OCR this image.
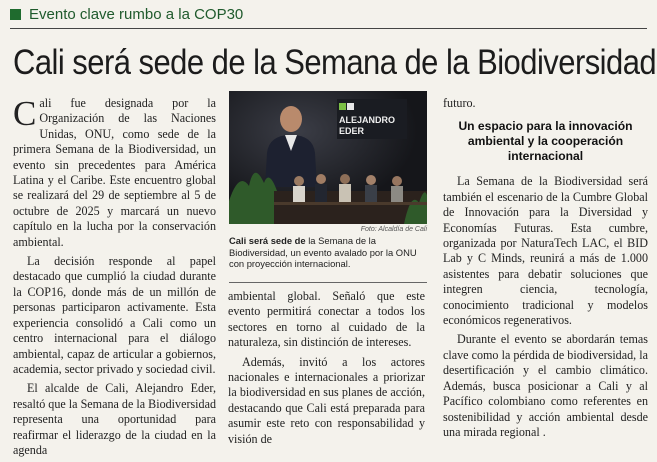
Evento clave rumbo a la COP30
Cali será sede de la Semana de la Biodiversidad

Cali fue designada por la Organización de las Naciones Unidas, ONU, como sede de la primera Semana de la Biodiversidad, un evento sin precedentes para América Latina y el Caribe. Este encuentro global se realizará del 29 de septiembre al 5 de octubre de 2025 y marcará un nuevo capítulo en la lucha por la conservación ambiental.

La decisión responde al papel destacado que cumplió la ciudad durante la COP16, donde más de un millón de personas participaron activamente. Esta experiencia consolidó a Cali como un centro internacional para el diálogo ambiental, capaz de articular a gobiernos, academia, sector privado y sociedad civil.

El alcalde de Cali, Alejandro Eder, resaltó que la Semana de la Biodiversidad representa una oportunidad para reafirmar el liderazgo de la ciudad en la agenda

ALEJANDRO
EDER
Foto: Alcaldía de Cali
Cali será sede de la Semana de la Biodiversidad, un evento avalado por la ONU con proyección internacional.

ambiental global. Señaló que este evento permitirá conectar a todos los sectores en torno al cuidado de la naturaleza, sin distinción de intereses.

Además, invitó a los actores nacionales e internacionales a priorizar la biodiversidad en sus planes de acción, destacando que Cali está preparada para asumir este reto con responsabilidad y visión de

futuro.

Un espacio para la innovación ambiental y la cooperación internacional

La Semana de la Biodiversidad será también el escenario de la Cumbre Global de Innovación para la Diversidad y Economías Futuras. Esta cumbre, organizada por NaturaTech LAC, el BID Lab y C Minds, reunirá a más de 1.000 asistentes para debatir soluciones que integren ciencia, tecnología, conocimiento tradicional y modelos económicos regenerativos.

Durante el evento se abordarán temas clave como la pérdida de biodiversidad, la desertificación y el cambio climático. Además, busca posicionar a Cali y al Pacífico colombiano como referentes en sostenibilidad y acción ambiental desde una mirada regional .
